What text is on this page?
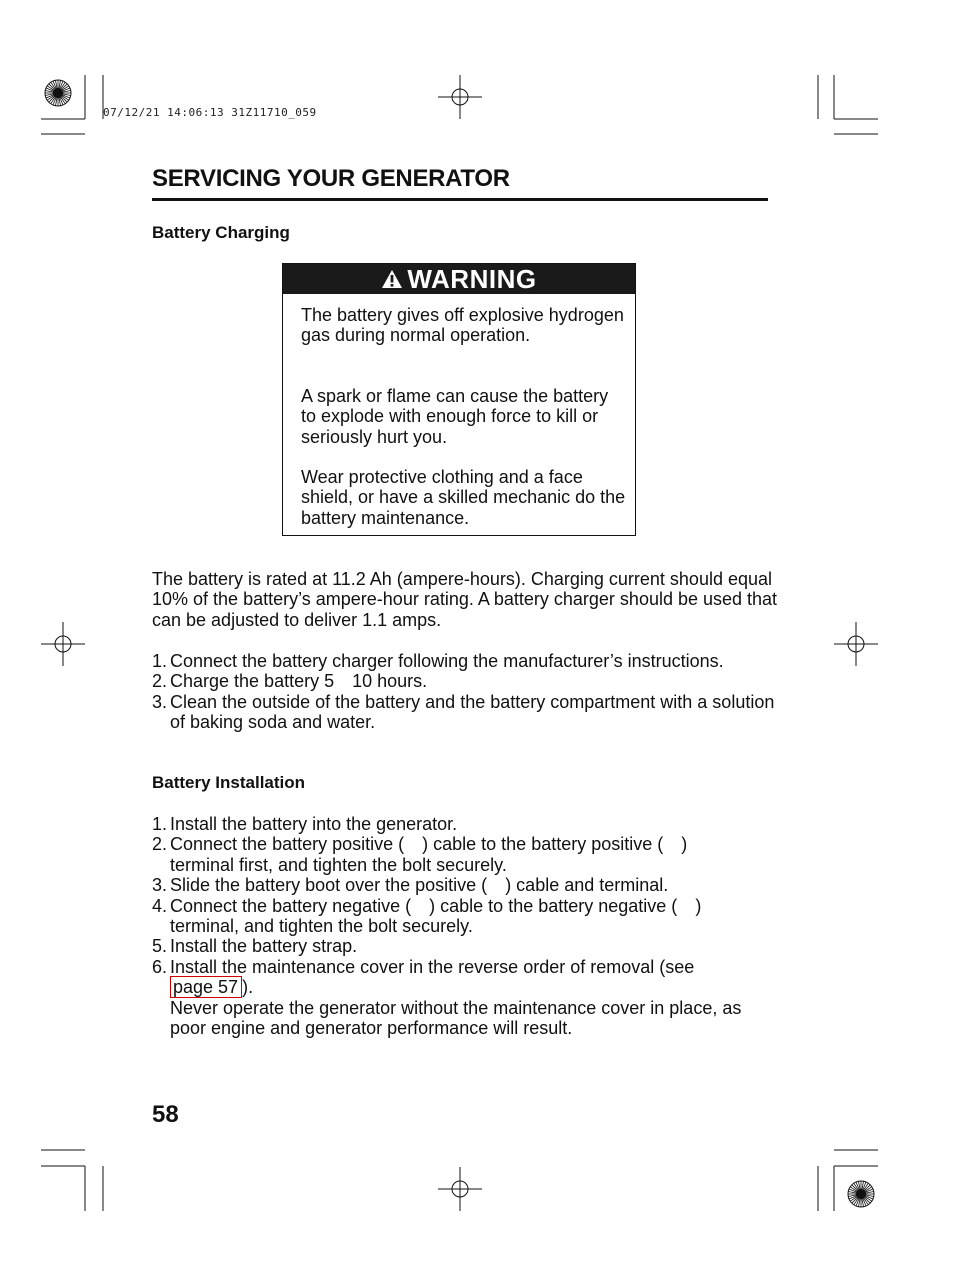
07/12/21 14:06:13 31Z11710_059
SERVICING YOUR GENERATOR
Battery Charging
WARNING
The battery gives off explosive hydrogen gas during normal operation.
A spark or flame can cause the battery to explode with enough force to kill or seriously hurt you.
Wear protective clothing and a face shield, or have a skilled mechanic do the battery maintenance.
The battery is rated at 11.2 Ah (ampere-hours). Charging current should equal 10% of the battery’s ampere-hour rating. A battery charger should be used that can be adjusted to deliver 1.1 amps.
1. Connect the battery charger following the manufacturer’s instructions.
2. Charge the battery 5 10 hours.
3. Clean the outside of the battery and the battery compartment with a solution of baking soda and water.
Battery Installation
1. Install the battery into the generator.
2. Connect the battery positive ( ) cable to the battery positive ( )
terminal first, and tighten the bolt securely.
3. Slide the battery boot over the positive ( ) cable and terminal.
4. Connect the battery negative ( ) cable to the battery negative ( )
terminal, and tighten the bolt securely.
5. Install the battery strap.
6. Install the maintenance cover in the reverse order of removal (see
page 57 ).
Never operate the generator without the maintenance cover in place, as poor engine and generator performance will result.
58
